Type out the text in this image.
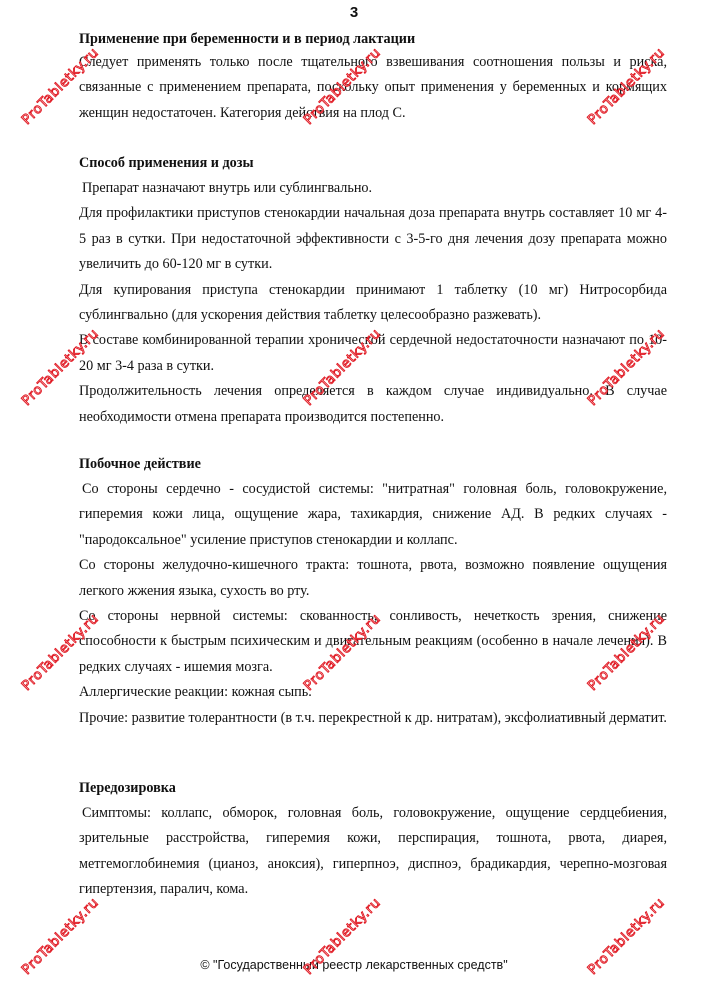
3
Применение при беременности и в период лактации

Следует применять только после тщательного взвешивания соотношения пользы и риска, связанные с применением препарата, поскольку опыт применения у беременных и кормящих женщин недостаточен. Категория действия на плод С.

Способ применения и дозы

Препарат назначают внутрь или сублингвально.

Для профилактики приступов стенокардии начальная доза препарата внутрь составляет 10 мг 4-5 раз в сутки. При недостаточной эффективности с 3-5-го дня лечения дозу препарата можно увеличить до 60-120 мг в сутки.

Для купирования приступа стенокардии принимают 1 таблетку (10 мг) Нитросорбида сублингвально (для ускорения действия таблетку целесообразно разжевать).

В составе комбинированной терапии хронической сердечной недостаточности назначают по 10-20 мг 3-4 раза в сутки.

Продолжительность лечения определяется в каждом случае индивидуально. В случае необходимости отмена препарата производится постепенно.

Побочное действие

Со стороны сердечно - сосудистой системы: "нитратная" головная боль, головокружение, гиперемия кожи лица, ощущение жара, тахикардия, снижение АД. В редких случаях - "пародоксальное" усиление приступов стенокардии и коллапс.

Со стороны желудочно-кишечного тракта: тошнота, рвота, возможно появление ощущения легкого жжения языка, сухость во рту.

Со стороны нервной системы: скованность, сонливость, нечеткость зрения, снижение способности к быстрым психическим и двигательным реакциям (особенно в начале лечения). В редких случаях - ишемия мозга.

Аллергические реакции: кожная сыпь.

Прочие: развитие толерантности (в т.ч. перекрестной к др. нитратам), эксфолиативный дерматит.

Передозировка

Симптомы: коллапс, обморок, головная боль, головокружение, ощущение сердцебиения, зрительные расстройства, гиперемия кожи, перспирация, тошнота, рвота, диарея, метгемоглобинемия (цианоз, аноксия), гиперпноэ, диспноэ, брадикардия, черепно-мозговая гипертензия, паралич, кома.

© "Государственный реестр лекарственных средств"
ProTabletky.ru	ProTabletky.ru	ProTabletky.ru
ProTabletky.ru	ProTabletky.ru	ProTabletky.ru
ProTabletky.ru	ProTabletky.ru	ProTabletky.ru
ProTabletky.ru	ProTabletky.ru	ProTabletky.ru
